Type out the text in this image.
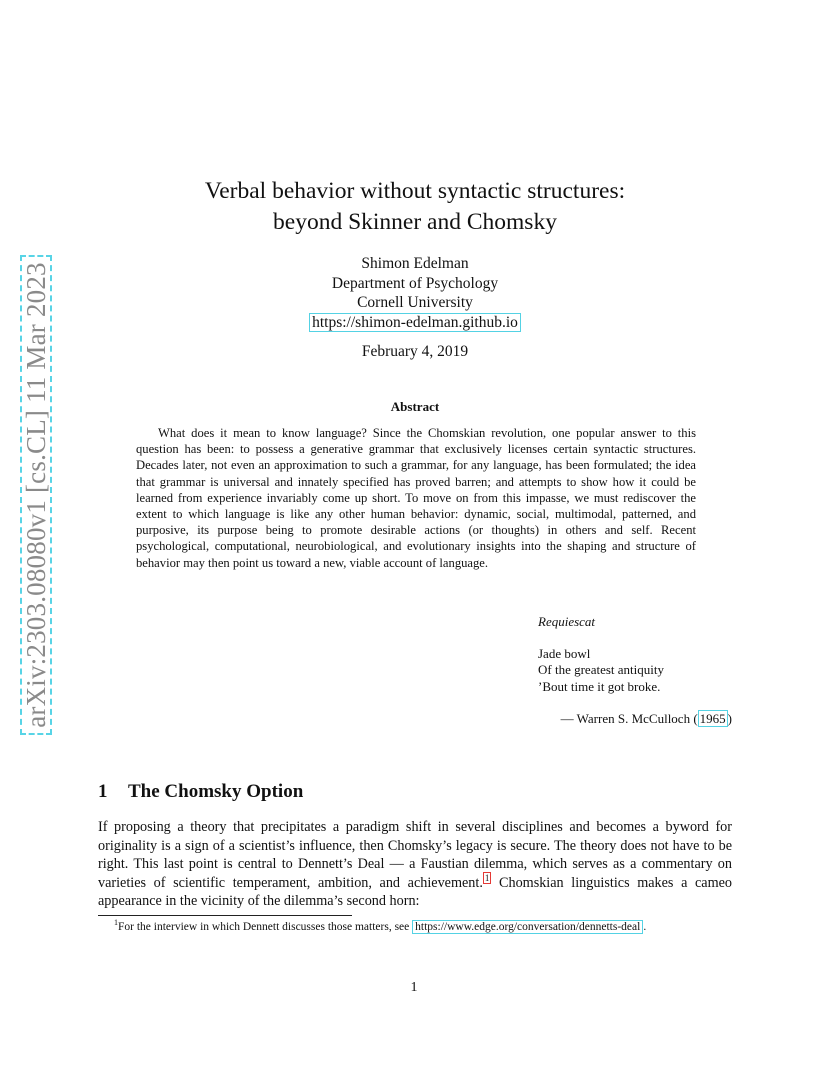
arXiv:2303.08080v1 [cs.CL] 11 Mar 2023
Verbal behavior without syntactic structures:
beyond Skinner and Chomsky
Shimon Edelman
Department of Psychology
Cornell University
https://shimon-edelman.github.io
February 4, 2019
Abstract
What does it mean to know language? Since the Chomskian revolution, one popular answer to this question has been: to possess a generative grammar that exclusively licenses certain syntactic structures. Decades later, not even an approximation to such a grammar, for any language, has been formulated; the idea that grammar is universal and innately specified has proved barren; and attempts to show how it could be learned from experience invariably come up short. To move on from this impasse, we must rediscover the extent to which language is like any other human behavior: dynamic, social, multimodal, patterned, and purposive, its purpose being to promote desirable actions (or thoughts) in others and self. Recent psychological, computational, neurobiological, and evolutionary insights into the shaping and structure of behavior may then point us toward a new, viable account of language.
Requiescat
Jade bowl
Of the greatest antiquity
’Bout time it got broke.
— Warren S. McCulloch ( 1965 )
1 The Chomsky Option
If proposing a theory that precipitates a paradigm shift in several disciplines and becomes a byword for originality is a sign of a scientist’s influence, then Chomsky’s legacy is secure. The theory does not have to be right. This last point is central to Dennett’s Deal — a Faustian dilemma, which serves as a commentary on varieties of scientific temperament, ambition, and achievement. $^1$ Chomskian linguistics makes a cameo appearance in the vicinity of the dilemma’s second horn:
$^1$For the interview in which Dennett discusses those matters, see https://www.edge.org/conversation/dennetts-deal .
1
